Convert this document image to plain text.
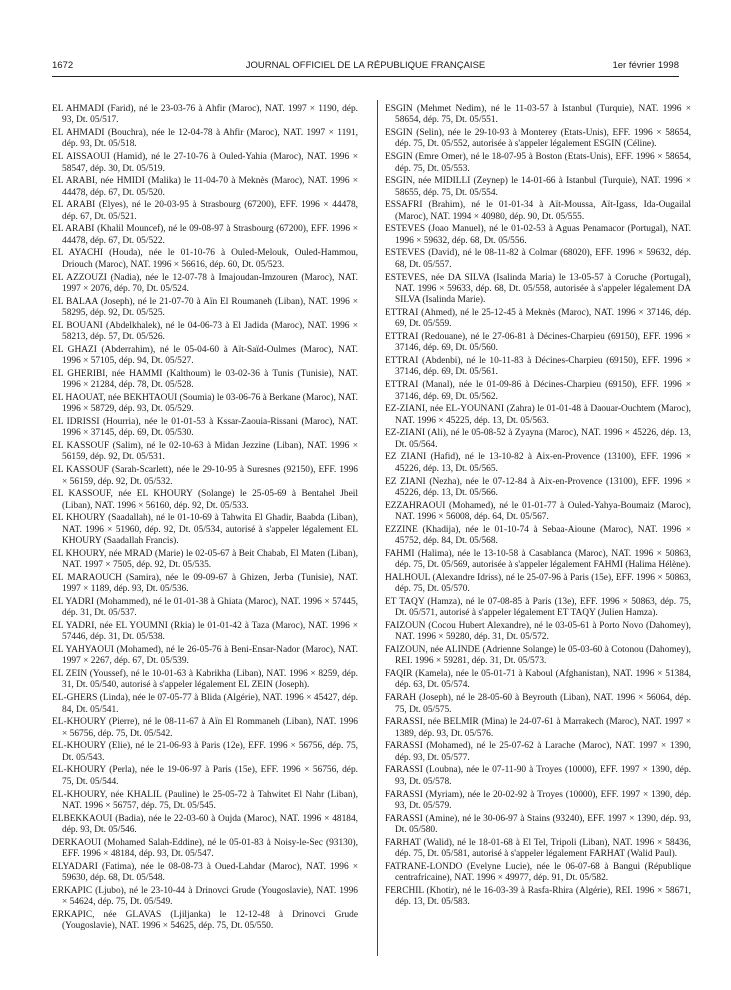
1672	JOURNAL OFFICIEL DE LA RÉPUBLIQUE FRANÇAISE	1er février 1998

EL AHMADI (Farid), né le 23-03-76 à Ahfir (Maroc), NAT. 1997 × 1190, dép. 93, Dt. 05/517.

EL AHMADI (Bouchra), née le 12-04-78 à Ahfir (Maroc), NAT. 1997 × 1191, dép. 93, Dt. 05/518.

EL AISSAOUI (Hamid), né le 27-10-76 à Ouled-Yahia (Maroc), NAT. 1996 × 58547, dép. 30, Dt. 05/519.

EL ARABI, née HMIDI (Malika) le 11-04-70 à Meknès (Maroc), NAT. 1996 × 44478, dép. 67, Dt. 05/520.

EL ARABI (Elyes), né le 20-03-95 à Strasbourg (67200), EFF. 1996 × 44478, dép. 67, Dt. 05/521.

EL ARABI (Khalil Mouncef), né le 09-08-97 à Strasbourg (67200), EFF. 1996 × 44478, dép. 67, Dt. 05/522.

EL AYACHI (Houda), née le 01-10-76 à Ouled-Melouk, Ouled-Hammou, Driouch (Maroc), NAT. 1996 × 56616, dép. 60, Dt. 05/523.

EL AZZOUZI (Nadia), née le 12-07-78 à Imajoudan-Imzouren (Maroc), NAT. 1997 × 2076, dép. 70, Dt. 05/524.

EL BALAA (Joseph), né le 21-07-70 à Aïn El Roumaneh (Liban), NAT. 1996 × 58295, dép. 92, Dt. 05/525.

EL BOUANI (Abdelkhalek), né le 04-06-73 à El Jadida (Maroc), NAT. 1996 × 58213, dép. 57, Dt. 05/526.

EL GHAZI (Abderrahim), né le 05-04-60 à Aït-Saïd-Oulmes (Maroc), NAT. 1996 × 57105, dép. 94, Dt. 05/527.

EL GHERIBI, née HAMMI (Kalthoum) le 03-02-36 à Tunis (Tunisie), NAT. 1996 × 21284, dép. 78, Dt. 05/528.

EL HAOUAT, née BEKHTAOUI (Soumia) le 03-06-76 à Berkane (Maroc), NAT. 1996 × 58729, dép. 93, Dt. 05/529.

EL IDRISSI (Hourria), née le 01-01-53 à Kssar-Zaouia-Rissani (Maroc), NAT. 1996 × 37145, dép. 69, Dt. 05/530.

EL KASSOUF (Salim), né le 02-10-63 à Midan Jezzine (Liban), NAT. 1996 × 56159, dép. 92, Dt. 05/531.

EL KASSOUF (Sarah-Scarlett), née le 29-10-95 à Suresnes (92150), EFF. 1996 × 56159, dép. 92, Dt. 05/532.

EL KASSOUF, née EL KHOURY (Solange) le 25-05-69 à Bentahel Jbeil (Liban), NAT. 1996 × 56160, dép. 92, Dt. 05/533.

EL KHOURY (Saadallah), né le 01-10-69 à Tahwita El Ghadir, Baabda (Liban), NAT. 1996 × 51960, dép. 92, Dt. 05/534, autorisé à s'appeler légalement EL KHOURY (Saadallah Francis).

EL KHOURY, née MRAD (Marie) le 02-05-67 à Beit Chabab, El Maten (Liban), NAT. 1997 × 7505, dép. 92, Dt. 05/535.

EL MARAOUCH (Samira), née le 09-09-67 à Ghizen, Jerba (Tunisie), NAT. 1997 × 1189, dép. 93, Dt. 05/536.

EL YADRI (Mohammed), né le 01-01-38 à Ghiata (Maroc), NAT. 1996 × 57445, dép. 31, Dt. 05/537.

EL YADRI, née EL YOUMNI (Rkia) le 01-01-42 à Taza (Maroc), NAT. 1996 × 57446, dép. 31, Dt. 05/538.

EL YAHYAOUI (Mohamed), né le 26-05-76 à Beni-Ensar-Nador (Maroc), NAT. 1997 × 2267, dép. 67, Dt. 05/539.

EL ZEIN (Youssef), né le 10-01-63 à Kabrikha (Liban), NAT. 1996 × 8259, dép. 31, Dt. 05/540, autorisé à s'appeler légalement EL ZEIN (Joseph).

EL-GHERS (Linda), née le 07-05-77 à Blida (Algérie), NAT. 1996 × 45427, dép. 84, Dt. 05/541.

EL-KHOURY (Pierre), né le 08-11-67 à Aïn El Rommaneh (Liban), NAT. 1996 × 56756, dép. 75, Dt. 05/542.

EL-KHOURY (Elie), né le 21-06-93 à Paris (12e), EFF. 1996 × 56756, dép. 75, Dt. 05/543.

EL-KHOURY (Perla), née le 19-06-97 à Paris (15e), EFF. 1996 × 56756, dép. 75, Dt. 05/544.

EL-KHOURY, née KHALIL (Pauline) le 25-05-72 à Tahwitet El Nahr (Liban), NAT. 1996 × 56757, dép. 75, Dt. 05/545.

ELBEKKAOUI (Badia), née le 22-03-60 à Oujda (Maroc), NAT. 1996 × 48184, dép. 93, Dt. 05/546.

DERKAOUI (Mohamed Salah-Eddine), né le 05-01-83 à Noisy-le-Sec (93130), EFF. 1996 × 48184, dép. 93, Dt. 05/547.

ELYADARI (Fatima), née le 08-08-73 à Oued-Lahdar (Maroc), NAT. 1996 × 59630, dép. 68, Dt. 05/548.

ERKAPIC (Ljubo), né le 23-10-44 à Drinovci Grude (Yougoslavie), NAT. 1996 × 54624, dép. 75, Dt. 05/549.

ERKAPIC, née GLAVAS (Ljiljanka) le 12-12-48 à Drinovci Grude (Yougoslavie), NAT. 1996 × 54625, dép. 75, Dt. 05/550.

ESGIN (Mehmet Nedim), né le 11-03-57 à Istanbul (Turquie), NAT. 1996 × 58654, dép. 75, Dt. 05/551.

ESGIN (Selin), née le 29-10-93 à Monterey (Etats-Unis), EFF. 1996 × 58654, dép. 75, Dt. 05/552, autorisée à s'appeler légalement ESGIN (Céline).

ESGIN (Emre Omer), né le 18-07-95 à Boston (Etats-Unis), EFF. 1996 × 58654, dép. 75, Dt. 05/553.

ESGIN, née MIDILLI (Zeynep) le 14-01-66 à Istanbul (Turquie), NAT. 1996 × 58655, dép. 75, Dt. 05/554.

ESSAFRI (Brahim), né le 01-01-34 à Aït-Moussa, Aït-Igass, Ida-Ougailal (Maroc), NAT. 1994 × 40980, dép. 90, Dt. 05/555.

ESTEVES (Joao Manuel), né le 01-02-53 à Aguas Penamacor (Portugal), NAT. 1996 × 59632, dép. 68, Dt. 05/556.

ESTEVES (David), né le 08-11-82 à Colmar (68020), EFF. 1996 × 59632, dép. 68, Dt. 05/557.

ESTEVES, née DA SILVA (Isalinda Maria) le 13-05-57 à Coruche (Portugal), NAT. 1996 × 59633, dép. 68, Dt. 05/558, autorisée à s'appeler légalement DA SILVA (Isalinda Marie).

ETTRAI (Ahmed), né le 25-12-45 à Meknès (Maroc), NAT. 1996 × 37146, dép. 69, Dt. 05/559.

ETTRAI (Redouane), né le 27-06-81 à Décines-Charpieu (69150), EFF. 1996 × 37146, dép. 69, Dt. 05/560.

ETTRAI (Abdenbi), né le 10-11-83 à Décines-Charpieu (69150), EFF. 1996 × 37146, dép. 69, Dt. 05/561.

ETTRAI (Manal), née le 01-09-86 à Décines-Charpieu (69150), EFF. 1996 × 37146, dép. 69, Dt. 05/562.

EZ-ZIANI, née EL-YOUNANI (Zahra) le 01-01-48 à Daouar-Ouchtem (Maroc), NAT. 1996 × 45225, dép. 13, Dt. 05/563.

EZ-ZIANI (Ali), né le 05-08-52 à Zyayna (Maroc), NAT. 1996 × 45226, dép. 13, Dt. 05/564.

EZ ZIANI (Hafid), né le 13-10-82 à Aix-en-Provence (13100), EFF. 1996 × 45226, dép. 13, Dt. 05/565.

EZ ZIANI (Nezha), née le 07-12-84 à Aix-en-Provence (13100), EFF. 1996 × 45226, dép. 13, Dt. 05/566.

EZZAHRAOUI (Mohamed), né le 01-01-77 à Ouled-Yahya-Boumaiz (Maroc), NAT. 1996 × 56008, dép. 64, Dt. 05/567.

EZZINE (Khadija), née le 01-10-74 à Sebaa-Aioune (Maroc), NAT. 1996 × 45752, dép. 84, Dt. 05/568.

FAHMI (Halima), née le 13-10-58 à Casablanca (Maroc), NAT. 1996 × 50863, dép. 75, Dt. 05/569, autorisée à s'appeler légalement FAHMI (Halima Hélène).

HALHOUL (Alexandre Idriss), né le 25-07-96 à Paris (15e), EFF. 1996 × 50863, dép. 75, Dt. 05/570.

ET TAQY (Hamza), né le 07-08-85 à Paris (13e), EFF. 1996 × 50863, dép. 75, Dt. 05/571, autorisé à s'appeler légalement ET TAQY (Julien Hamza).

FAIZOUN (Cocou Hubert Alexandre), né le 03-05-61 à Porto Novo (Dahomey), NAT. 1996 × 59280, dép. 31, Dt. 05/572.

FAIZOUN, née ALINDE (Adrienne Solange) le 05-03-60 à Cotonou (Dahomey), REI. 1996 × 59281, dép. 31, Dt. 05/573.

FAQIR (Kamela), née le 05-01-71 à Kaboul (Afghanistan), NAT. 1996 × 51384, dép. 63, Dt. 05/574.

FARAH (Joseph), né le 28-05-60 à Beyrouth (Liban), NAT. 1996 × 56064, dép. 75, Dt. 05/575.

FARASSI, née BELMIR (Mina) le 24-07-61 à Marrakech (Maroc), NAT. 1997 × 1389, dép. 93, Dt. 05/576.

FARASSI (Mohamed), né le 25-07-62 à Larache (Maroc), NAT. 1997 × 1390, dép. 93, Dt. 05/577.

FARASSI (Loubna), née le 07-11-90 à Troyes (10000), EFF. 1997 × 1390, dép. 93, Dt. 05/578.

FARASSI (Myriam), née le 20-02-92 à Troyes (10000), EFF. 1997 × 1390, dép. 93, Dt. 05/579.

FARASSI (Amine), né le 30-06-97 à Stains (93240), EFF. 1997 × 1390, dép. 93, Dt. 05/580.

FARHAT (Walid), né le 18-01-68 à El Tel, Tripoli (Liban), NAT. 1996 × 58436, dép. 75, Dt. 05/581, autorisé à s'appeler légalement FARHAT (Walid Paul).

FATRANE-LONDO (Evelyne Lucie), née le 06-07-68 à Bangui (République centrafricaine), NAT. 1996 × 49977, dép. 91, Dt. 05/582.

FERCHIL (Khotir), né le 16-03-39 à Rasfa-Rhira (Algérie), REI. 1996 × 58671, dép. 13, Dt. 05/583.
